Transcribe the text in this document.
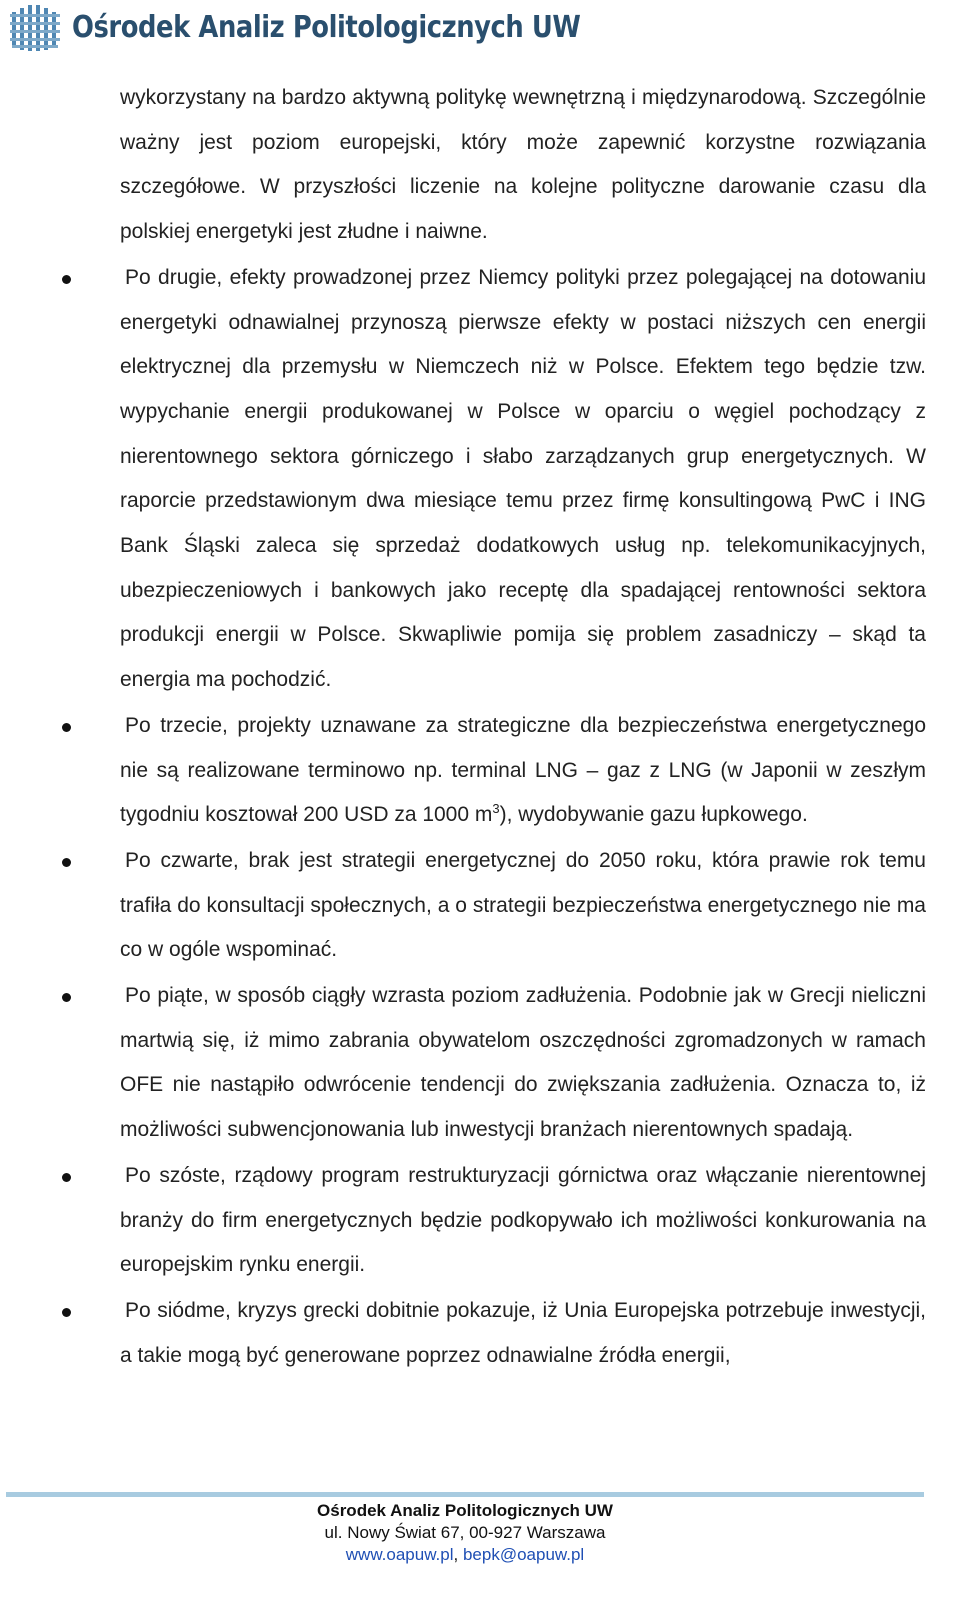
Ośrodek Analiz Politologicznych UW

wykorzystany na bardzo aktywną politykę wewnętrzną i międzynarodową. Szczególnie ważny jest poziom europejski, który może zapewnić korzystne rozwiązania szczegółowe. W przyszłości liczenie na kolejne polityczne darowanie czasu dla polskiej energetyki jest złudne i naiwne.

Po drugie, efekty prowadzonej przez Niemcy polityki przez polegającej na dotowaniu energetyki odnawialnej przynoszą pierwsze efekty w postaci niższych cen energii elektrycznej dla przemysłu w Niemczech niż w Polsce. Efektem tego będzie tzw. wypychanie energii produkowanej w Polsce w oparciu o węgiel pochodzący z nierentownego sektora górniczego i słabo zarządzanych grup energetycznych. W raporcie przedstawionym dwa miesiące temu przez firmę konsultingową PwC i ING Bank Śląski zaleca się sprzedaż dodatkowych usług np. telekomunikacyjnych, ubezpieczeniowych i bankowych jako receptę dla spadającej rentowności sektora produkcji energii w Polsce. Skwapliwie pomija się problem zasadniczy – skąd ta energia ma pochodzić.

Po trzecie, projekty uznawane za strategiczne dla bezpieczeństwa energetycznego nie są realizowane terminowo np. terminal LNG – gaz z LNG (w Japonii w zeszłym tygodniu kosztował 200 USD za 1000 $m^3$), wydobywanie gazu łupkowego.

Po czwarte, brak jest strategii energetycznej do 2050 roku, która prawie rok temu trafiła do konsultacji społecznych, a o strategii bezpieczeństwa energetycznego nie ma co w ogóle wspominać.

Po piąte, w sposób ciągły wzrasta poziom zadłużenia. Podobnie jak w Grecji nieliczni martwią się, iż mimo zabrania obywatelom oszczędności zgromadzonych w ramach OFE nie nastąpiło odwrócenie tendencji do zwiększania zadłużenia. Oznacza to, iż możliwości subwencjonowania lub inwestycji branżach nierentownych spadają.

Po szóste, rządowy program restrukturyzacji górnictwa oraz włączanie nierentownej branży do firm energetycznych będzie podkopywało ich możliwości konkurowania na europejskim rynku energii.

Po siódme, kryzys grecki dobitnie pokazuje, iż Unia Europejska potrzebuje inwestycji, a takie mogą być generowane poprzez odnawialne źródła energii,

Ośrodek Analiz Politologicznych UW
ul. Nowy Świat 67, 00-927 Warszawa
www.oapuw.pl, bepk@oapuw.pl
